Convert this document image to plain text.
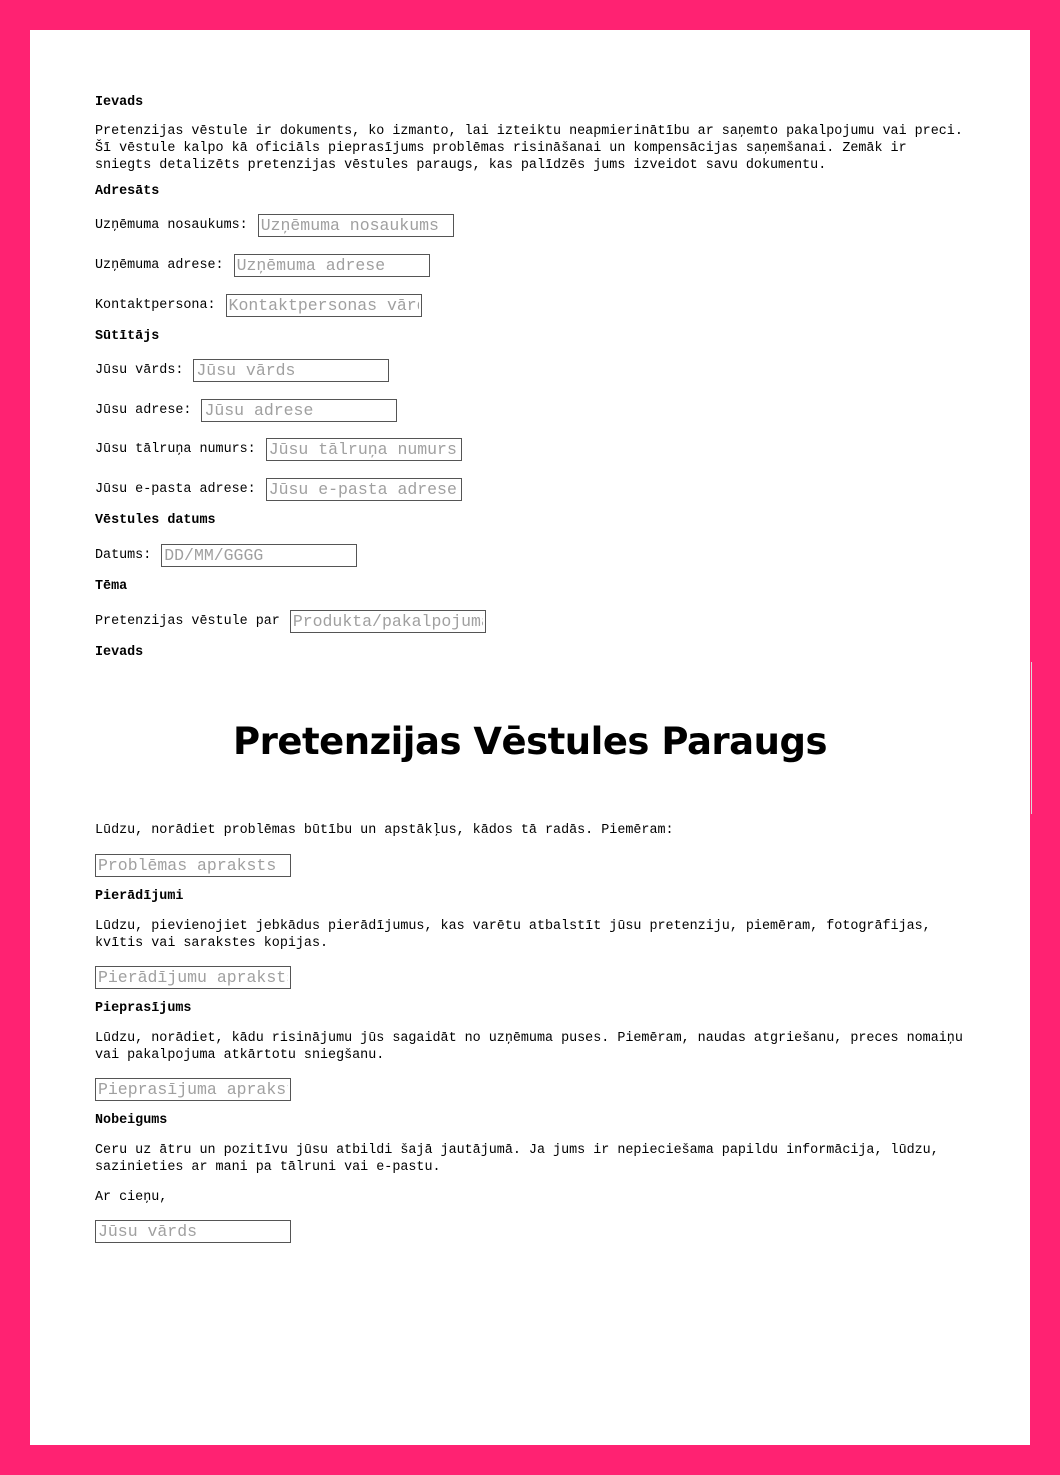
Pretenzijas Vēstules Paraugs
Ievads

Pretenzijas vēstule ir dokuments, ko izmanto, lai izteiktu neapmierinātību ar saņemto pakalpojumu vai preci. Šī vēstule kalpo kā oficiāls pieprasījums problēmas risināšanai un kompensācijas saņemšanai. Zemāk ir sniegts detalizēts pretenzijas vēstules paraugs, kas palīdzēs jums izveidot savu dokumentu.

Adresāts
Uzņēmuma nosaukums:
Uzņēmuma nosaukums
Uzņēmuma adrese:
Uzņēmuma adrese
Kontaktpersona:
Kontaktpersonas vārds
Sūtītājs
Jūsu vārds:
Jūsu vārds
Jūsu adrese:
Jūsu adrese
Jūsu tālruņa numurs:
Jūsu tālruņa numurs
Jūsu e-pasta adrese:
Jūsu e-pasta adrese
Vēstules datums
Datums:
DD/MM/GGGG
Tēma
Pretenzijas vēstule par
Produkta/pakalpojuma nosaukums
Ievads

Lūdzu, norādiet problēmas būtību un apstākļus, kādos tā radās. Piemēram:

Problēmas apraksts
Pierādījumi

Lūdzu, pievienojiet jebkādus pierādījumus, kas varētu atbalstīt jūsu pretenziju, piemēram, fotogrāfijas, kvītis vai sarakstes kopijas.

Pierādījumu apraksts
Pieprasījums

Lūdzu, norādiet, kādu risinājumu jūs sagaidāt no uzņēmuma puses. Piemēram, naudas atgriešanu, preces nomaiņu vai pakalpojuma atkārtotu sniegšanu.

Pieprasījuma apraksts
Nobeigums

Ceru uz ātru un pozitīvu jūsu atbildi šajā jautājumā. Ja jums ir nepieciešama papildu informācija, lūdzu, sazinieties ar mani pa tālruni vai e-pastu.

Ar cieņu,

Jūsu vārds
